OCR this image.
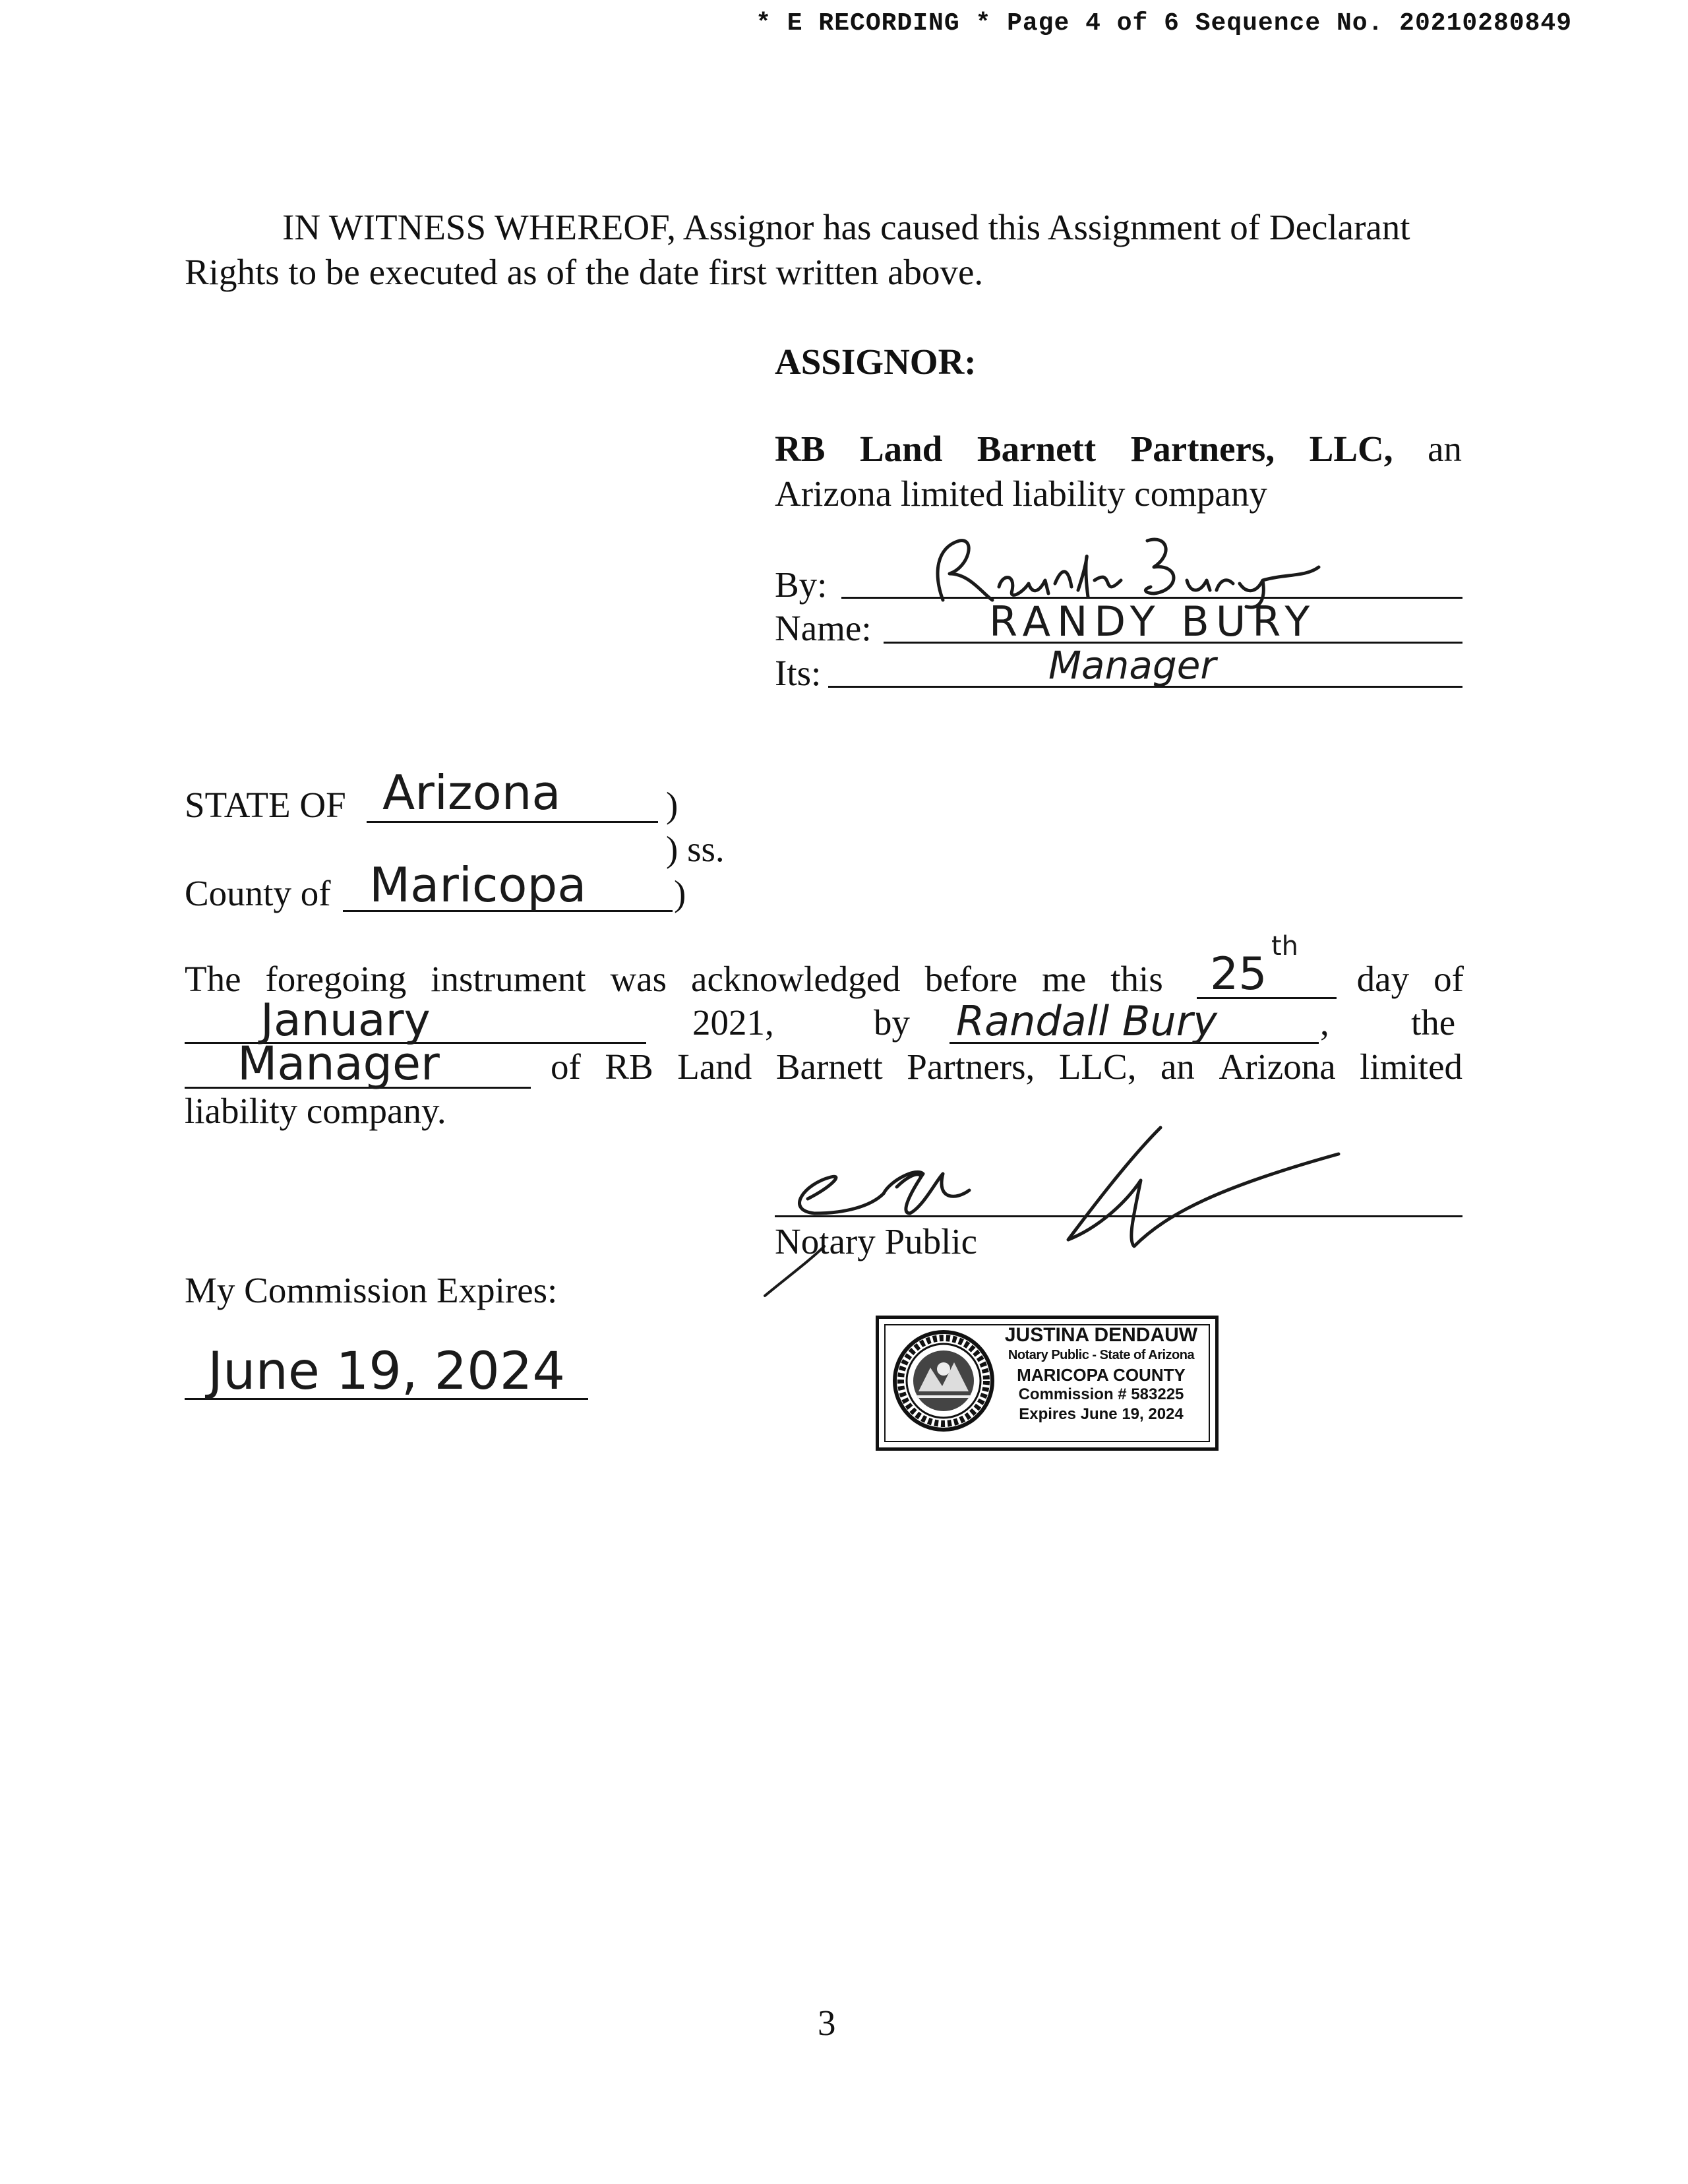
* E RECORDING * Page 4 of 6 Sequence No. 20210280849
IN WITNESS WHEREOF, Assignor has caused this Assignment of Declarant
Rights to be executed as of the date first written above.
ASSIGNOR:
RB Land Barnett Partners, LLC, an
Arizona limited liability company
By:
Name:	RANDY BURY
Its:	Manager
STATE OF Arizona	)
) ss.
County of Maricopa )
The foregoing instrument was acknowledged before me this	day of
25
th
January	2021,	by Randall Bury	, the
Manager	of RB Land Barnett Partners, LLC, an Arizona limited
liability company.
Notary Public
My Commission Expires:
June 19, 2024
JUSTINA DENDAUW
Notary Public - State of Arizona
MARICOPA COUNTY
Commission # 583225
Expires June 19, 2024
3
